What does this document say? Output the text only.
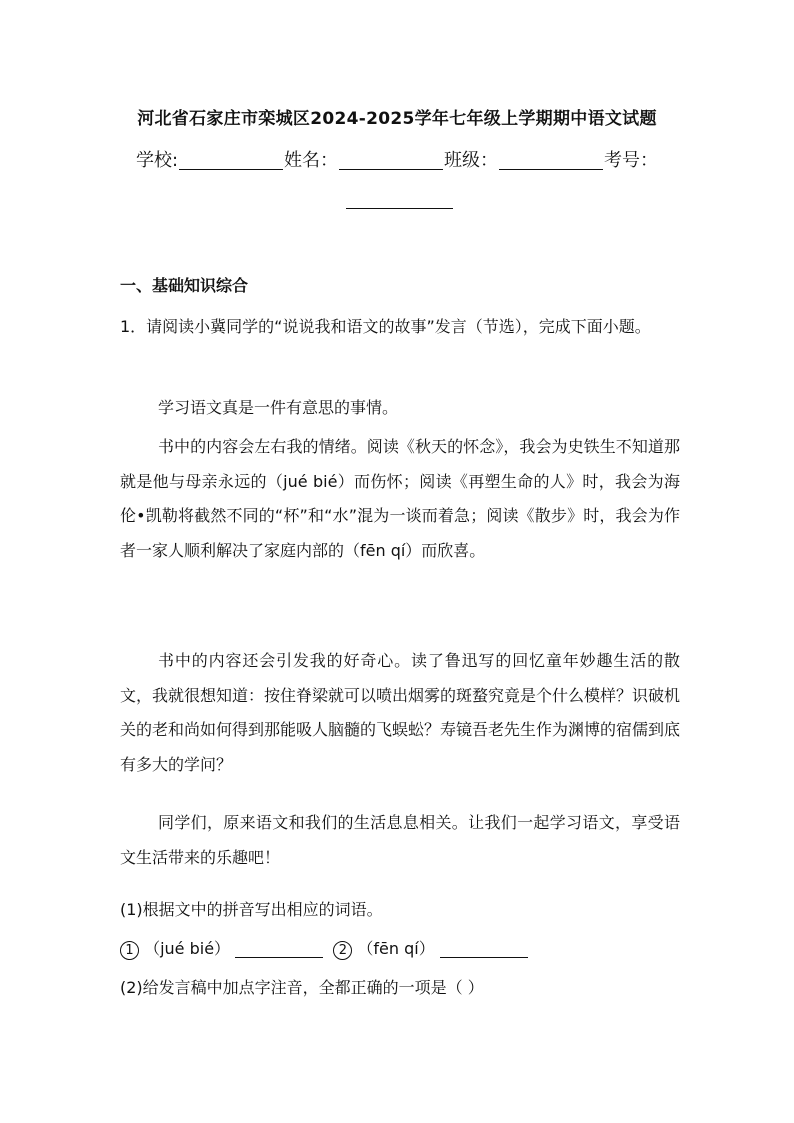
河北省石家庄市栾城区2024-2025学年七年级上学期期中语文试题
学校:	姓名：	班级：	考号：
一、基础知识综合
1．请阅读小冀同学的“说说我和语文的故事”发言（节选），完成下面小题。
学习语文真是一件有意思的事情。
书中的内容会左右我的情绪。阅读《秋天的怀念》，我会为史铁生不知道那就是他与母亲永远的（jué bié）而伤怀；阅读《再塑生命的人》时，我会为海伦•凯勒将截然不同的“杯”和“水”混为一谈而着急；阅读《散步》时，我会为作者一家人顺利解决了家庭内部的（fēn qí）而欣喜。
书中的内容还会引发我的好奇心。读了鲁迅写的回忆童年妙趣生活的散文，我就很想知道：按住脊梁就可以喷出烟雾的斑蝥究竟是个什么模样？识破机关的老和尚如何得到那能吸人脑髓的飞蜈蚣？寿镜吾老先生作为渊博的宿儒到底有多大的学问？
同学们，原来语文和我们的生活息息相关。让我们一起学习语文，享受语文生活带来的乐趣吧！
(1)根据文中的拼音写出相应的词语。
1 （jué bié）	2 （fēn qí）
(2)给发言稿中加点字注音，全都正确的一项是（ ）
